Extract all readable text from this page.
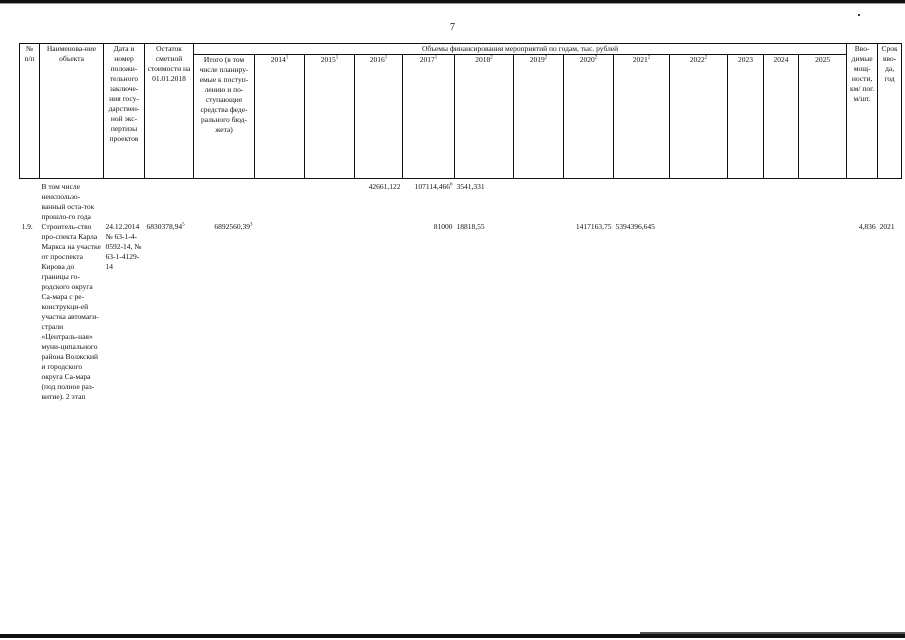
7
№ п/п	Наименова-ние объекта	Дата и номер положи-тельного заключе-ния госу-дарствен-ной экс-пертизы проектов	Остаток сметной стоимости на 01.01.2018	Объемы финансирования мероприятий по годам, тыс. рублей													Вво-димые мощ-ности, км/ пог. м/шт.	Срок вво-да, год
				Итого (в том числе планиру-емые к поступ-лению и по-ступающие средства феде-рального бюд-жета)	2014$^1$	2015$^1$	2016$^1$	2017$^1$	2018$^2$	2019$^2$	2020$^2$	2021$^2$	2022$^2$	2023	2024	2025		
	В том числе неиспользо-ванный оста-ток прошло-го года						42661,122	107114,466$^6$	3541,331									
1.9.	Строитель-ство про-спекта Карла Маркса на участке от проспекта Кирова до границы го-родского округа Са-мара с ре-конструкци-ей участка автомаги-страли «Централь-ная» муни-ципального района Волжский и городского округа Са-мара (под полное раз-витие). 2 этап	24.12.2014 № 63-1-4-0592-14, № 63-1-4129-14	6830378,94$^5$	6892560,39$^3$				81000	18818,55		1417163,75	5394396,645					4,836	2021
